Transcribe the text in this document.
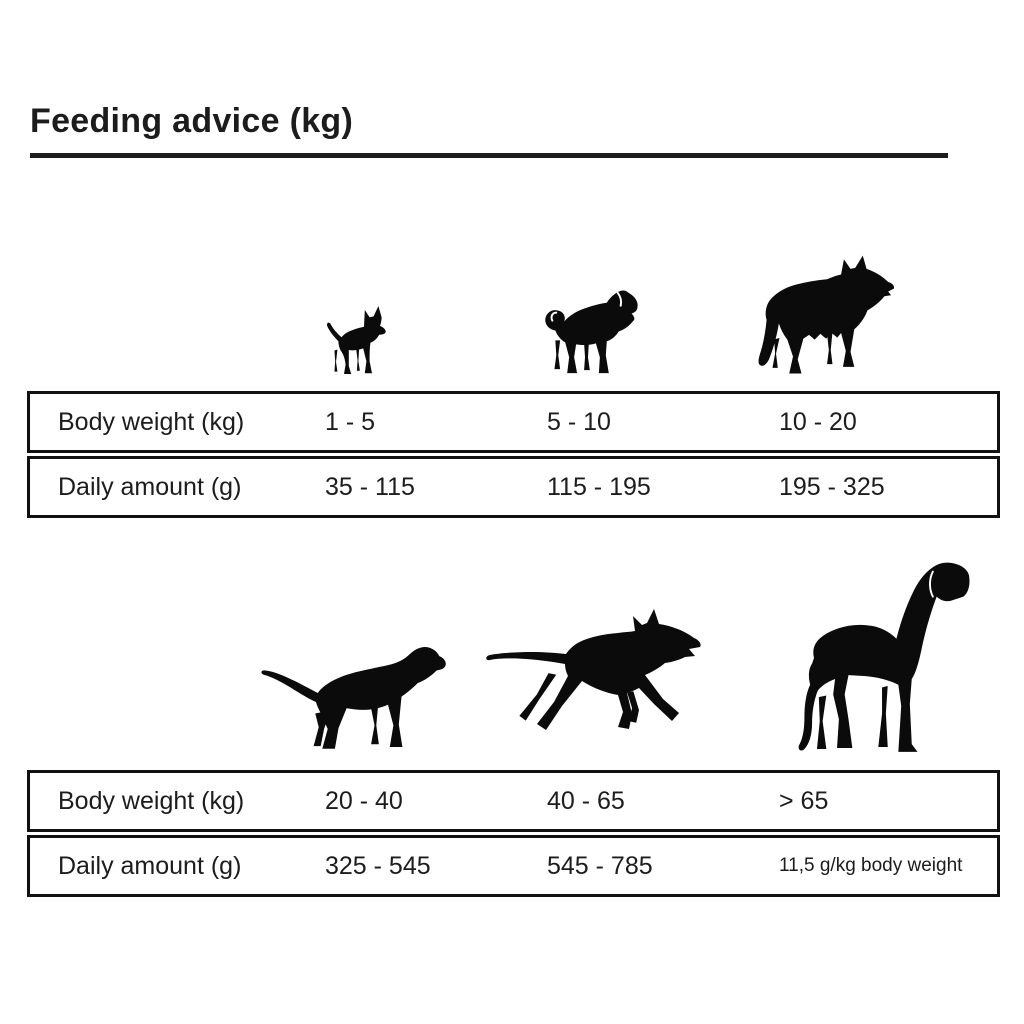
Feeding advice (kg)
Body weight (kg)	1 - 5	5 - 10	10 - 20
Daily amount (g)	35 - 115	115 - 195	195 - 325
Body weight (kg)	20 - 40	40 - 65	> 65
Daily amount (g)	325 - 545	545 - 785	11,5 g/kg body weight
